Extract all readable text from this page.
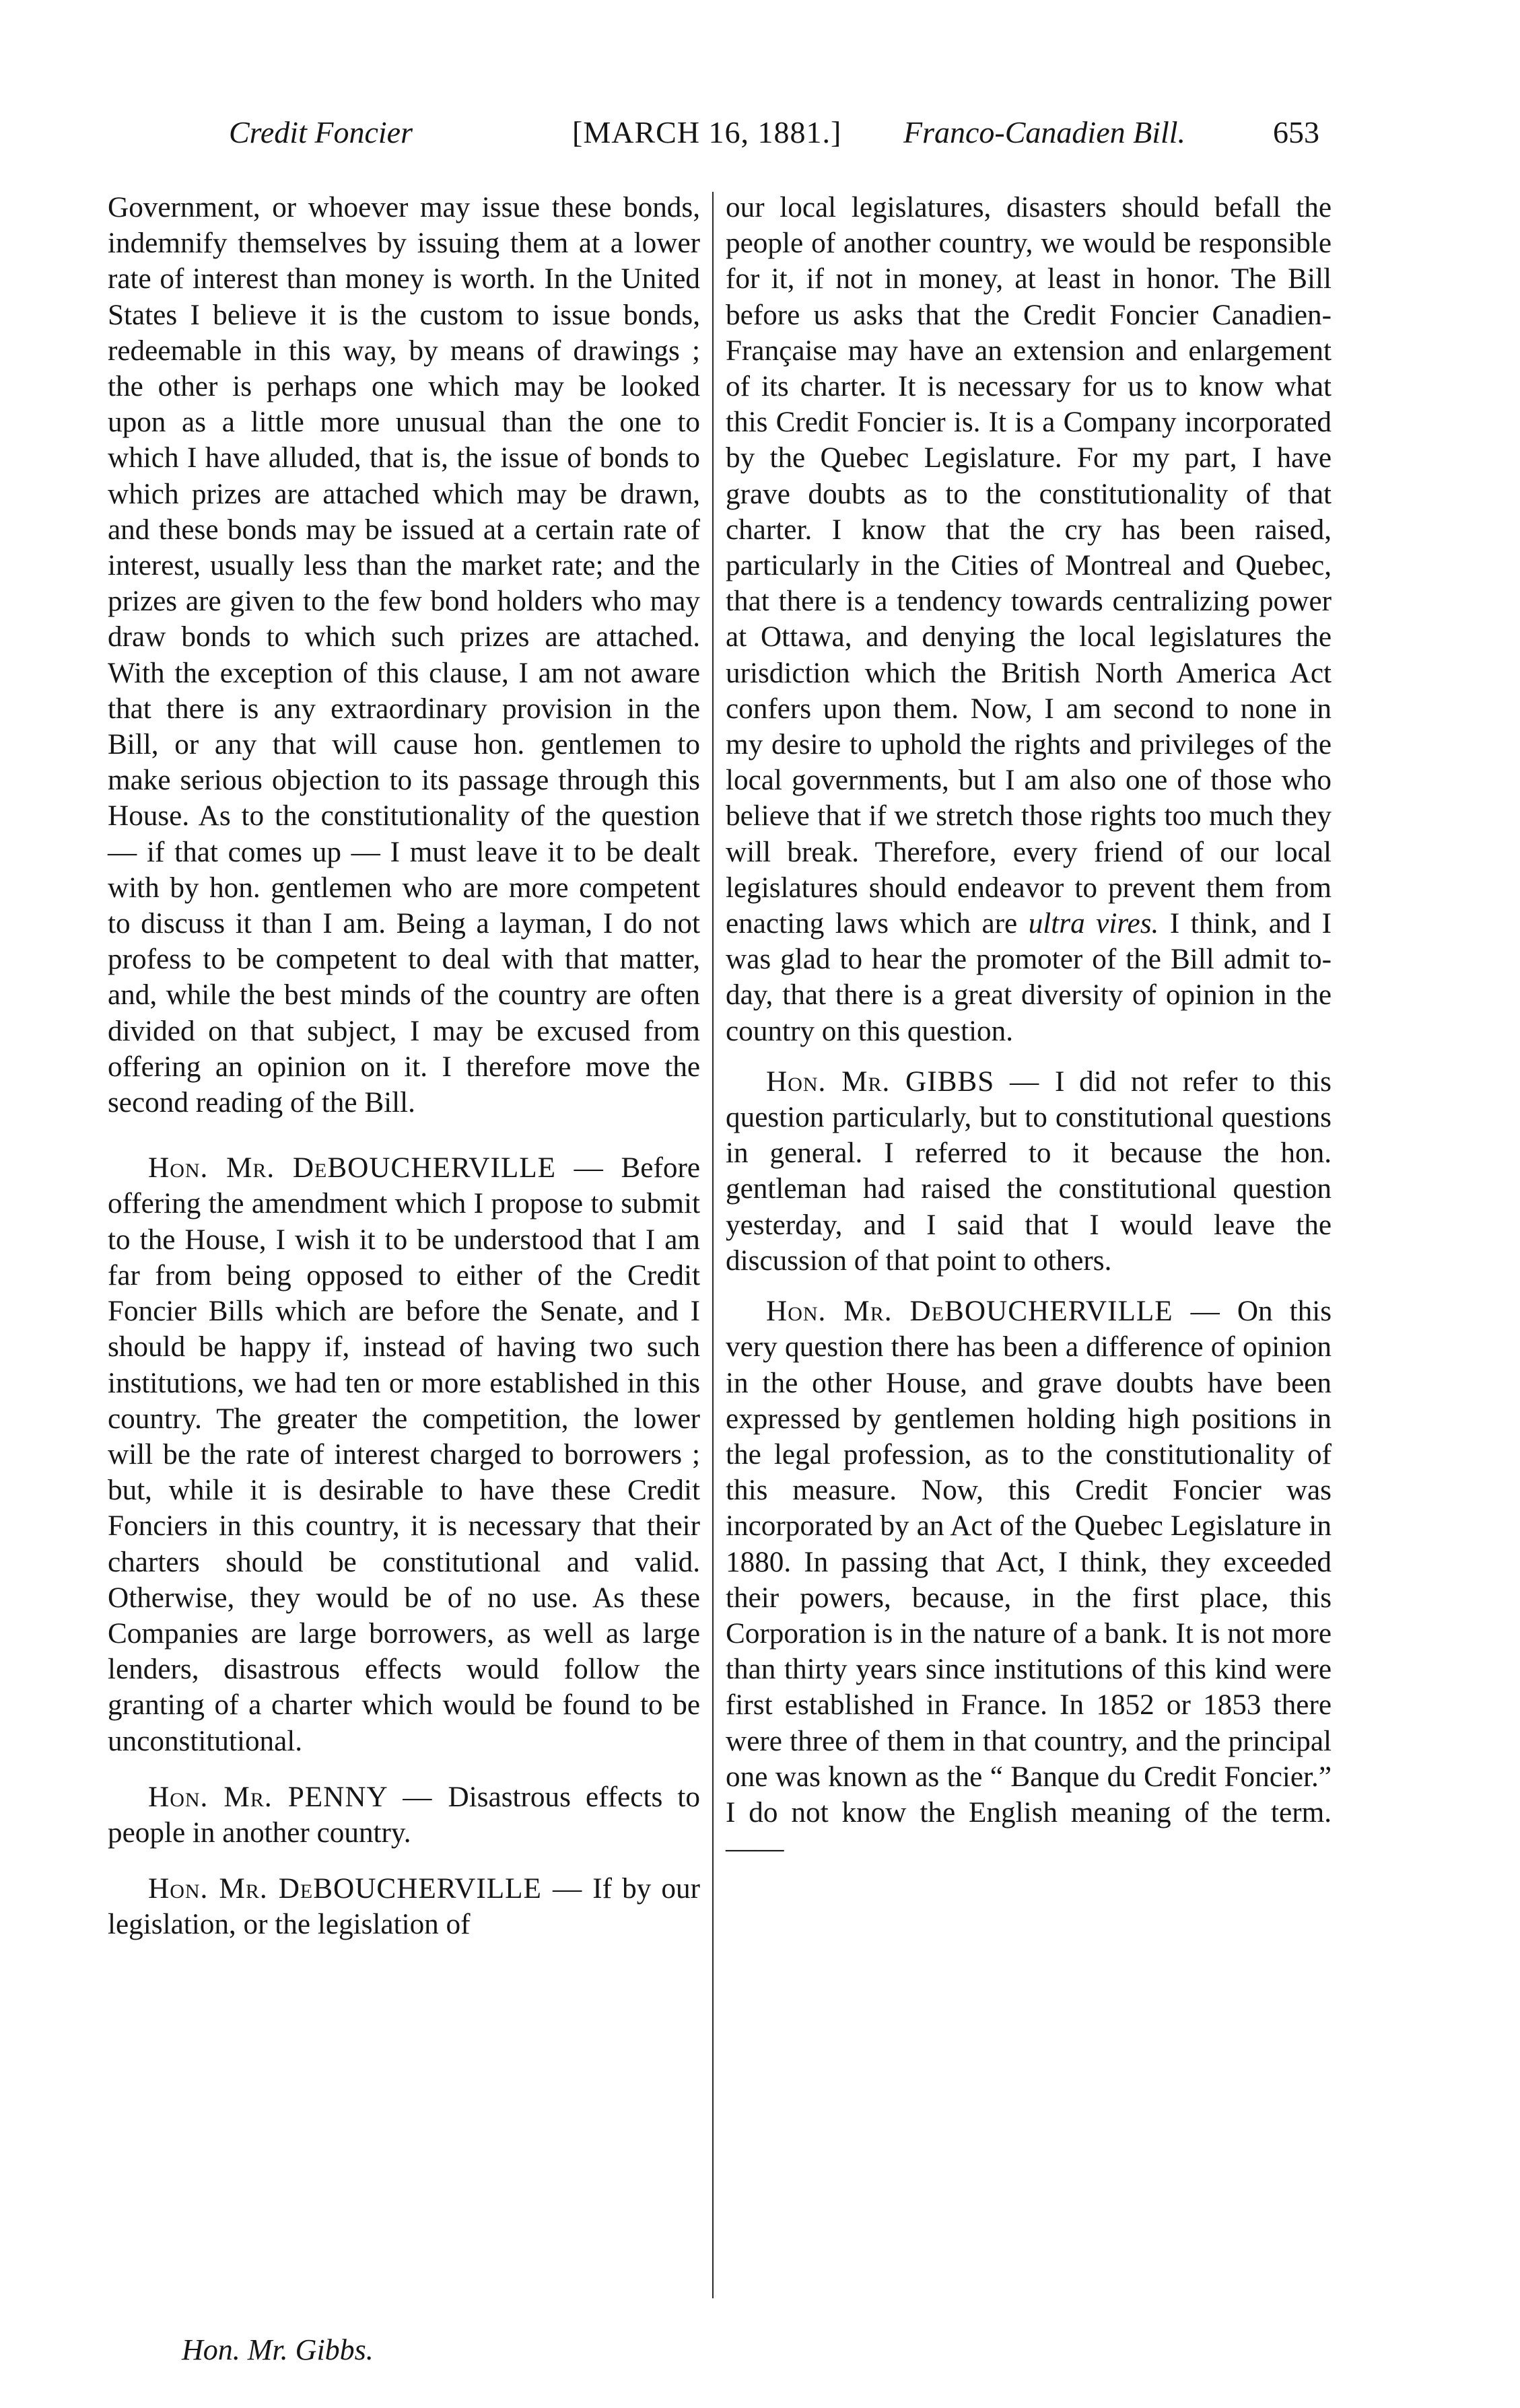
Credit Foncier	[MARCH 16, 1881.] Franco-Canadien Bill.	653

Government, or whoever may issue these bonds, indemnify themselves by issuing them at a lower rate of interest than money is worth. In the United States I believe it is the custom to issue bonds, redeemable in this way, by means of drawings ; the other is perhaps one which may be looked upon as a little more unusual than the one to which I have alluded, that is, the issue of bonds to which prizes are attached which may be drawn, and these bonds may be issued at a certain rate of interest, usually less than the market rate; and the prizes are given to the few bond holders who may draw bonds to which such prizes are attached. With the exception of this clause, I am not aware that there is any extraordinary provision in the Bill, or any that will cause hon. gentlemen to make serious objection to its passage through this House. As to the constitutionality of the question — if that comes up — I must leave it to be dealt with by hon. gentlemen who are more competent to discuss it than I am. Being a layman, I do not profess to be competent to deal with that matter, and, while the best minds of the country are often divided on that subject, I may be excused from offering an opinion on it. I therefore move the second reading of the Bill.

Hon. Mr. DeBOUCHERVILLE — Before offering the amendment which I propose to submit to the House, I wish it to be understood that I am far from being opposed to either of the Credit Foncier Bills which are before the Senate, and I should be happy if, instead of having two such institutions, we had ten or more established in this country. The greater the competition, the lower will be the rate of interest charged to borrowers ; but, while it is desirable to have these Credit Fonciers in this country, it is necessary that their charters should be constitutional and valid. Otherwise, they would be of no use. As these Companies are large borrowers, as well as large lenders, disastrous effects would follow the granting of a charter which would be found to be unconstitutional.

Hon. Mr. PENNY — Disastrous effects to people in another country.

Hon. Mr. DeBOUCHERVILLE — If by our legislation, or the legislation of

our local legislatures, disasters should befall the people of another country, we would be responsible for it, if not in money, at least in honor. The Bill before us asks that the Credit Foncier Canadien-Française may have an extension and enlargement of its charter. It is necessary for us to know what this Credit Foncier is. It is a Company incorporated by the Quebec Legislature. For my part, I have grave doubts as to the constitutionality of that charter. I know that the cry has been raised, particularly in the Cities of Montreal and Quebec, that there is a tendency towards centralizing power at Ottawa, and denying the local legislatures the urisdiction which the British North America Act confers upon them. Now, I am second to none in my desire to uphold the rights and privileges of the local governments, but I am also one of those who believe that if we stretch those rights too much they will break. Therefore, every friend of our local legislatures should endeavor to prevent them from enacting laws which are ultra vires. I think, and I was glad to hear the promoter of the Bill admit to-day, that there is a great diversity of opinion in the country on this question.

Hon. Mr. GIBBS — I did not refer to this question particularly, but to constitutional questions in general. I referred to it because the hon. gentleman had raised the constitutional question yesterday, and I said that I would leave the discussion of that point to others.

Hon. Mr. DeBOUCHERVILLE — On this very question there has been a difference of opinion in the other House, and grave doubts have been expressed by gentlemen holding high positions in the legal profession, as to the constitutionality of this measure. Now, this Credit Foncier was incorporated by an Act of the Quebec Legislature in 1880. In passing that Act, I think, they exceeded their powers, because, in the first place, this Corporation is in the nature of a bank. It is not more than thirty years since institutions of this kind were first established in France. In 1852 or 1853 there were three of them in that country, and the principal one was known as the “ Banque du Credit Foncier.” I do not know the English meaning of the term. ——

Hon. Mr. Gibbs.
